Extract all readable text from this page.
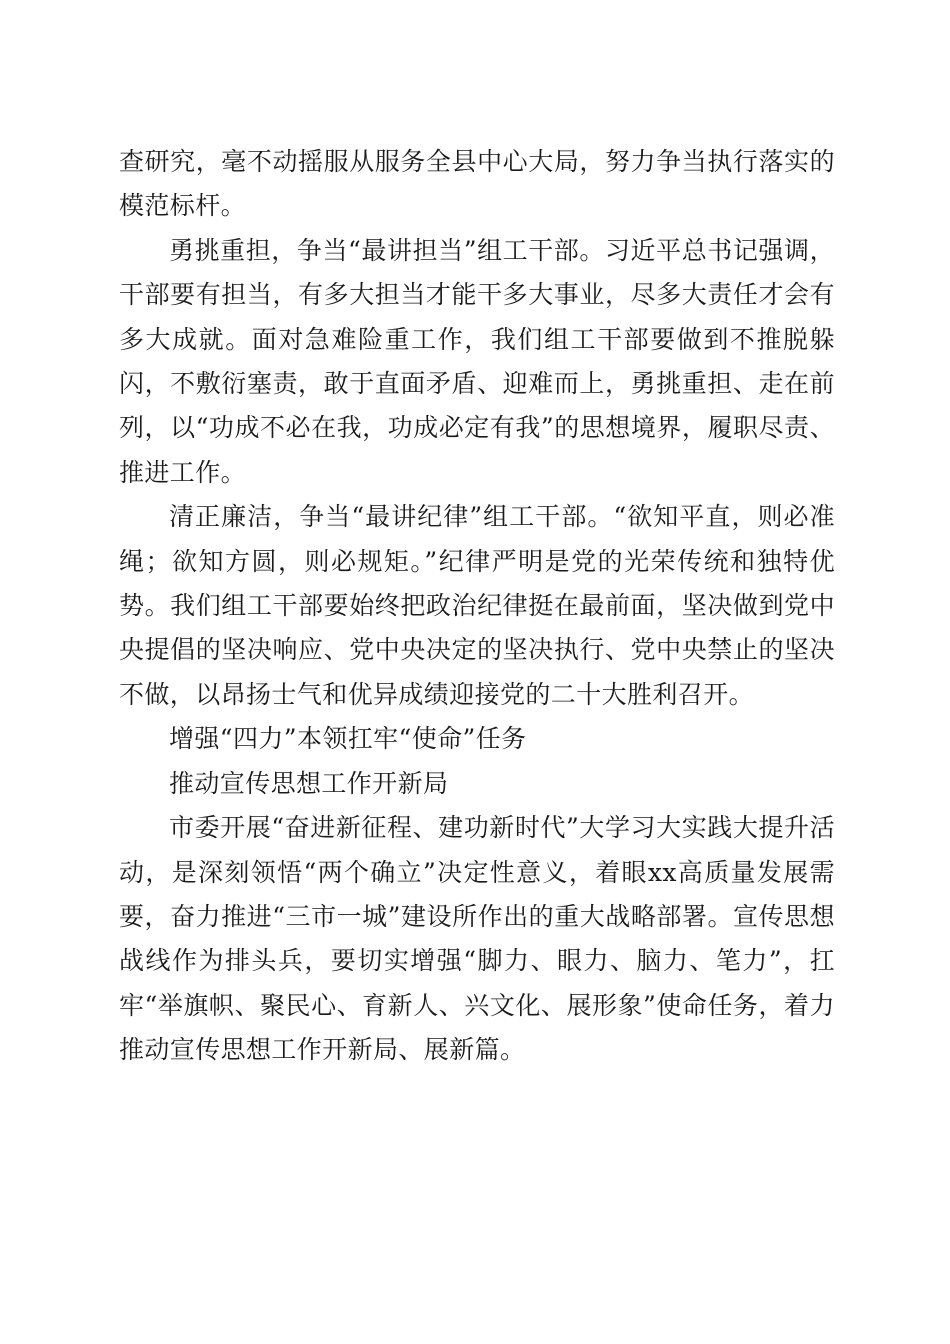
查研究，毫不动摇服从服务全县中心大局，努力争当执行落实的模范标杆。

勇挑重担，争当“最讲担当”组工干部。习近平总书记强调，干部要有担当，有多大担当才能干多大事业，尽多大责任才会有多大成就。面对急难险重工作，我们组工干部要做到不推脱躲闪，不敷衍塞责，敢于直面矛盾、迎难而上，勇挑重担、走在前列，以“功成不必在我，功成必定有我”的思想境界，履职尽责、推进工作。

清正廉洁，争当“最讲纪律”组工干部。“欲知平直，则必准绳；欲知方圆，则必规矩。”纪律严明是党的光荣传统和独特优势。我们组工干部要始终把政治纪律挺在最前面，坚决做到党中央提倡的坚决响应、党中央决定的坚决执行、党中央禁止的坚决不做，以昂扬士气和优异成绩迎接党的二十大胜利召开。

增强“四力”本领扛牢“使命”任务

推动宣传思想工作开新局

市委开展“奋进新征程、建功新时代”大学习大实践大提升活动，是深刻领悟“两个确立”决定性意义，着眼xx高质量发展需要，奋力推进“三市一城”建设所作出的重大战略部署。宣传思想战线作为排头兵，要切实增强“脚力、眼力、脑力、笔力”，扛牢“举旗帜、聚民心、育新人、兴文化、展形象”使命任务，着力推动宣传思想工作开新局、展新篇。
